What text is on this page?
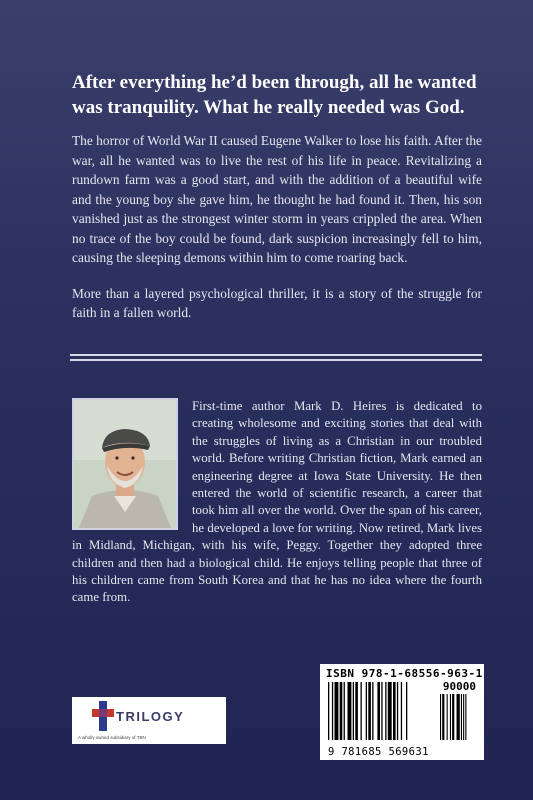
After everything he’d been through, all he wanted was tranquility. What he really needed was God.

The horror of World War II caused Eugene Walker to lose his faith. After the war, all he wanted was to live the rest of his life in peace. Revitalizing a rundown farm was a good start, and with the addition of a beautiful wife and the young boy she gave him, he thought he had found it. Then, his son vanished just as the strongest winter storm in years crippled the area. When no trace of the boy could be found, dark suspicion increasingly fell to him, causing the sleeping demons within him to come roaring back.

More than a layered psychological thriller, it is a story of the struggle for faith in a fallen world.

First-time author Mark D. Heires is dedicated to creating wholesome and exciting stories that deal with the struggles of living as a Christian in our troubled world. Before writing Christian fiction, Mark earned an engineering degree at Iowa State University. He then entered the world of scientific research, a career that took him all over the world. Over the span of his career, he developed a love for writing. Now retired, Mark lives in Midland, Michigan, with his wife, Peggy. Together they adopted three children and then had a biological child. He enjoys telling people that three of his children came from South Korea and that he has no idea where the fourth came from.
TRILOGY
A wholly owned subsidiary of TBN
ISBN 978-1-68556-963-1
90000
9 781685 569631
